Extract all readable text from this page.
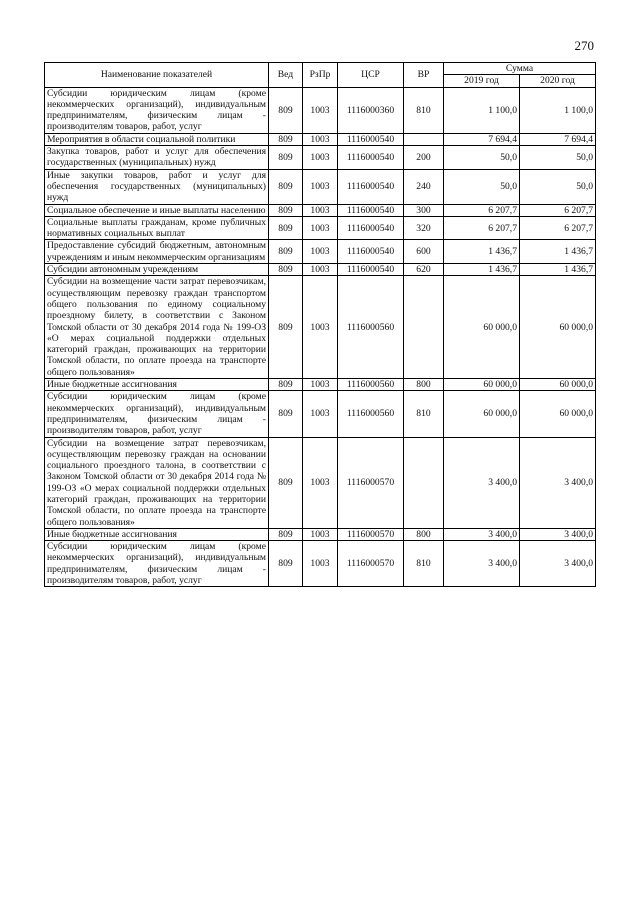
270
Наименование показателей	Вед	РзПр	ЦСР	ВР	Сумма	
					2019 год	2020 год
Субсидии юридическим лицам (кроме некоммерческих организаций), индивидуальным предпринимателям, физическим лицам - производителям товаров, работ, услуг	809	1003	1116000360	810	1 100,0	1 100,0
Мероприятия в области социальной политики	809	1003	1116000540		7 694,4	7 694,4
Закупка товаров, работ и услуг для обеспечения государственных (муниципальных) нужд	809	1003	1116000540	200	50,0	50,0
Иные закупки товаров, работ и услуг для обеспечения государственных (муниципальных) нужд	809	1003	1116000540	240	50,0	50,0
Социальное обеспечение и иные выплаты населению	809	1003	1116000540	300	6 207,7	6 207,7
Социальные выплаты гражданам, кроме публичных нормативных социальных выплат	809	1003	1116000540	320	6 207,7	6 207,7
Предоставление субсидий бюджетным, автономным учреждениям и иным некоммерческим организациям	809	1003	1116000540	600	1 436,7	1 436,7
Субсидии автономным учреждениям	809	1003	1116000540	620	1 436,7	1 436,7
Субсидии на возмещение части затрат перевозчикам, осуществляющим перевозку граждан транспортом общего пользования по единому социальному проездному билету, в соответствии с Законом Томской области от 30 декабря 2014 года № 199-ОЗ «О мерах социальной поддержки отдельных категорий граждан, проживающих на территории Томской области, по оплате проезда на транспорте общего пользования»	809	1003	1116000560		60 000,0	60 000,0
Иные бюджетные ассигнования	809	1003	1116000560	800	60 000,0	60 000,0
Субсидии юридическим лицам (кроме некоммерческих организаций), индивидуальным предпринимателям, физическим лицам - производителям товаров, работ, услуг	809	1003	1116000560	810	60 000,0	60 000,0
Субсидии на возмещение затрат перевозчикам, осуществляющим перевозку граждан на основании социального проездного талона, в соответствии с Законом Томской области от 30 декабря 2014 года № 199-ОЗ «О мерах социальной поддержки отдельных категорий граждан, проживающих на территории Томской области, по оплате проезда на транспорте общего пользования»	809	1003	1116000570		3 400,0	3 400,0
Иные бюджетные ассигнования	809	1003	1116000570	800	3 400,0	3 400,0
Субсидии юридическим лицам (кроме некоммерческих организаций), индивидуальным предпринимателям, физическим лицам - производителям товаров, работ, услуг	809	1003	1116000570	810	3 400,0	3 400,0
